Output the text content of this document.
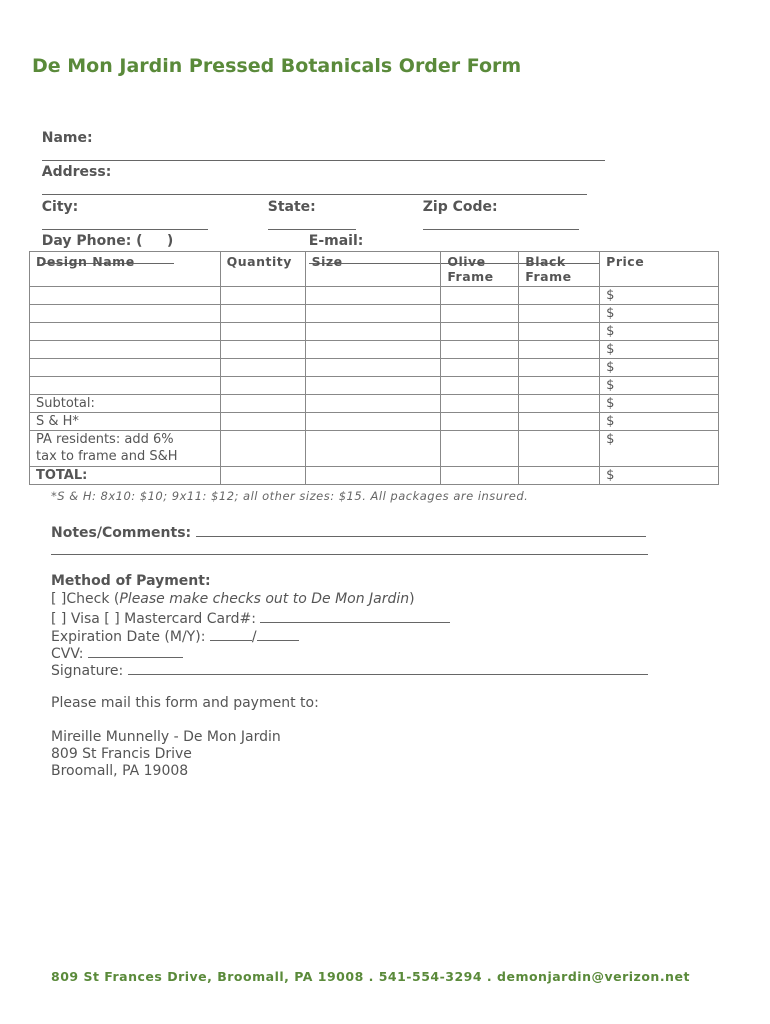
De Mon Jardin Pressed Botanicals Order Form

Name:

Address:

City:
	State:
	Zip Code:

Day Phone: (     )
	E-mail:

Design Name	Quantity	Size	Olive Frame	Black Frame	Price
					$
					$
					$
					$
					$
					$
Subtotal:					$
S & H*					$

PA residents: add 6%
tax to frame and S&H					$
TOTAL:					$
*S & H: 8x10: $10; 9x11: $12; all other sizes: $15. All packages are insured.
Notes/Comments:
Method of Payment:
[ ]Check (Please make checks out to De Mon Jardin)
[ ] Visa [ ] Mastercard Card#:
Expiration Date (M/Y):	/
CVV:
Signature:
Please mail this form and payment to:
Mireille Munnelly - De Mon Jardin
809 St Francis Drive
Broomall, PA 19008
809 St Frances Drive, Broomall, PA 19008 . 541-554-3294 . demonjardin@verizon.net
